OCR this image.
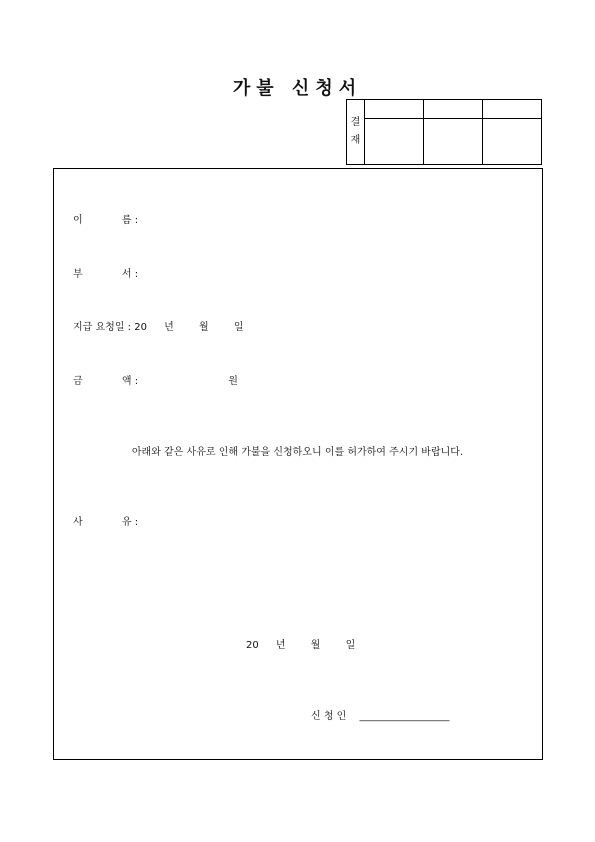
가불 신청서
결
재
이	름 :
부	서 :
지급 요청일 : 20 년	월	일
금	액 :	원
아래와 같은 사유로 인해 가불을 신청하오니 이를 허가하여 주시기 바랍니다.
사	유 :
20 년	월	일
신 청 인 __________________
